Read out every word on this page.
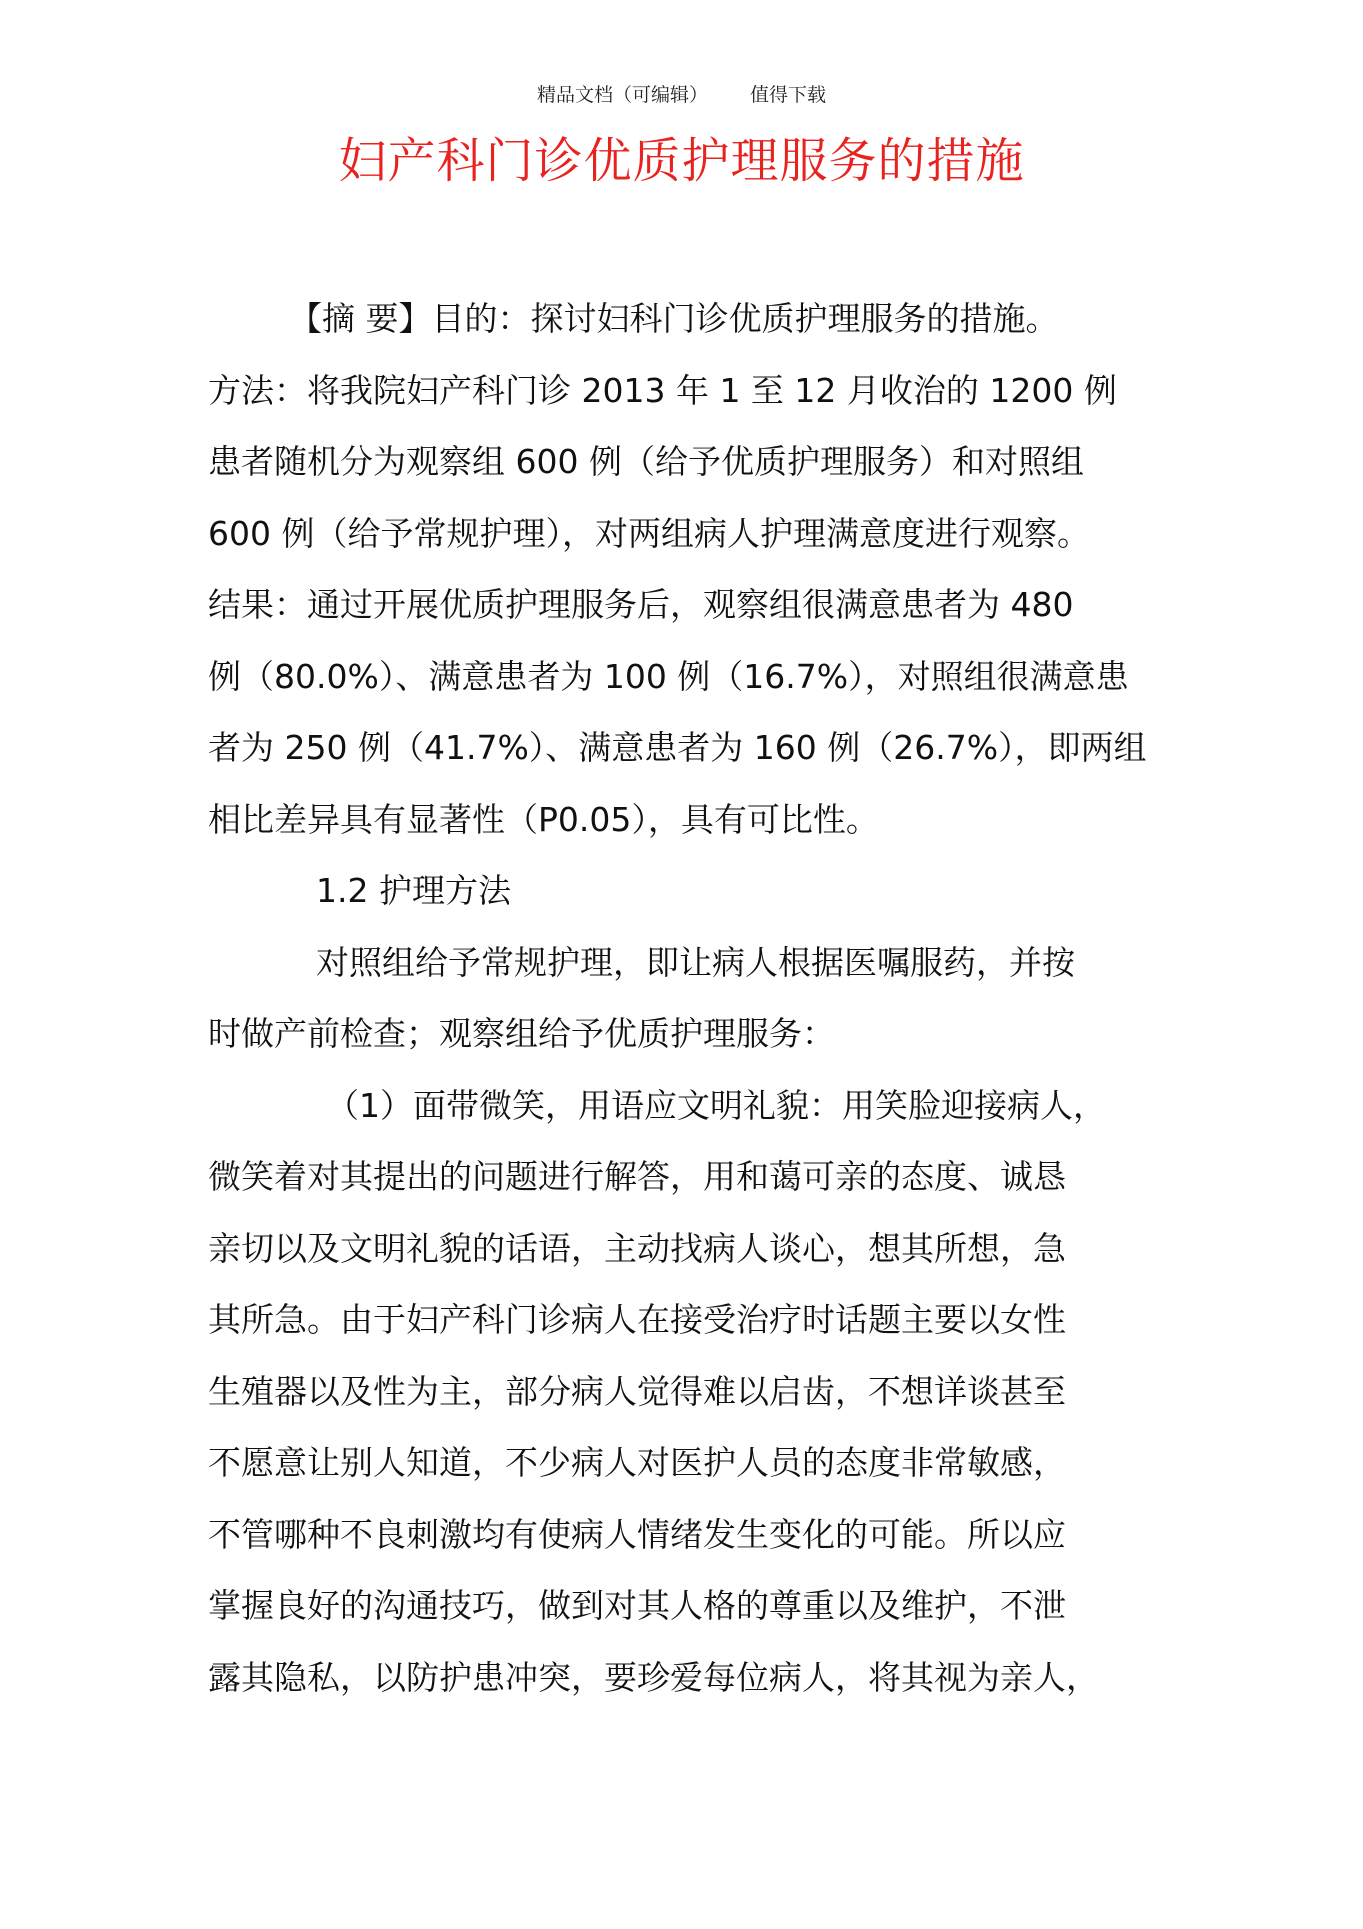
精品文档（可编辑） 值得下载
妇产科门诊优质护理服务的措施
【摘 要】目的：探讨妇科门诊优质护理服务的措施。
方法：将我院妇产科门诊 2013 年 1 至 12 月收治的 1200 例
患者随机分为观察组 600 例（给予优质护理服务）和对照组
600 例（给予常规护理），对两组病人护理满意度进行观察。
结果：通过开展优质护理服务后，观察组很满意患者为 480
例（80.0%）、满意患者为 100 例（16.7%），对照组很满意患
者为 250 例（41.7%）、满意患者为 160 例（26.7%），即两组
相比差异具有显著性（P0.05），具有可比性。
1.2 护理方法
对照组给予常规护理，即让病人根据医嘱服药，并按
时做产前检查；观察组给予优质护理服务：
（1）面带微笑，用语应文明礼貌：用笑脸迎接病人，
微笑着对其提出的问题进行解答，用和蔼可亲的态度、诚恳
亲切以及文明礼貌的话语，主动找病人谈心，想其所想，急
其所急。由于妇产科门诊病人在接受治疗时话题主要以女性
生殖器以及性为主，部分病人觉得难以启齿，不想详谈甚至
不愿意让别人知道，不少病人对医护人员的态度非常敏感，
不管哪种不良刺激均有使病人情绪发生变化的可能。所以应
掌握良好的沟通技巧，做到对其人格的尊重以及维护，不泄
露其隐私，以防护患冲突，要珍爱每位病人，将其视为亲人，
